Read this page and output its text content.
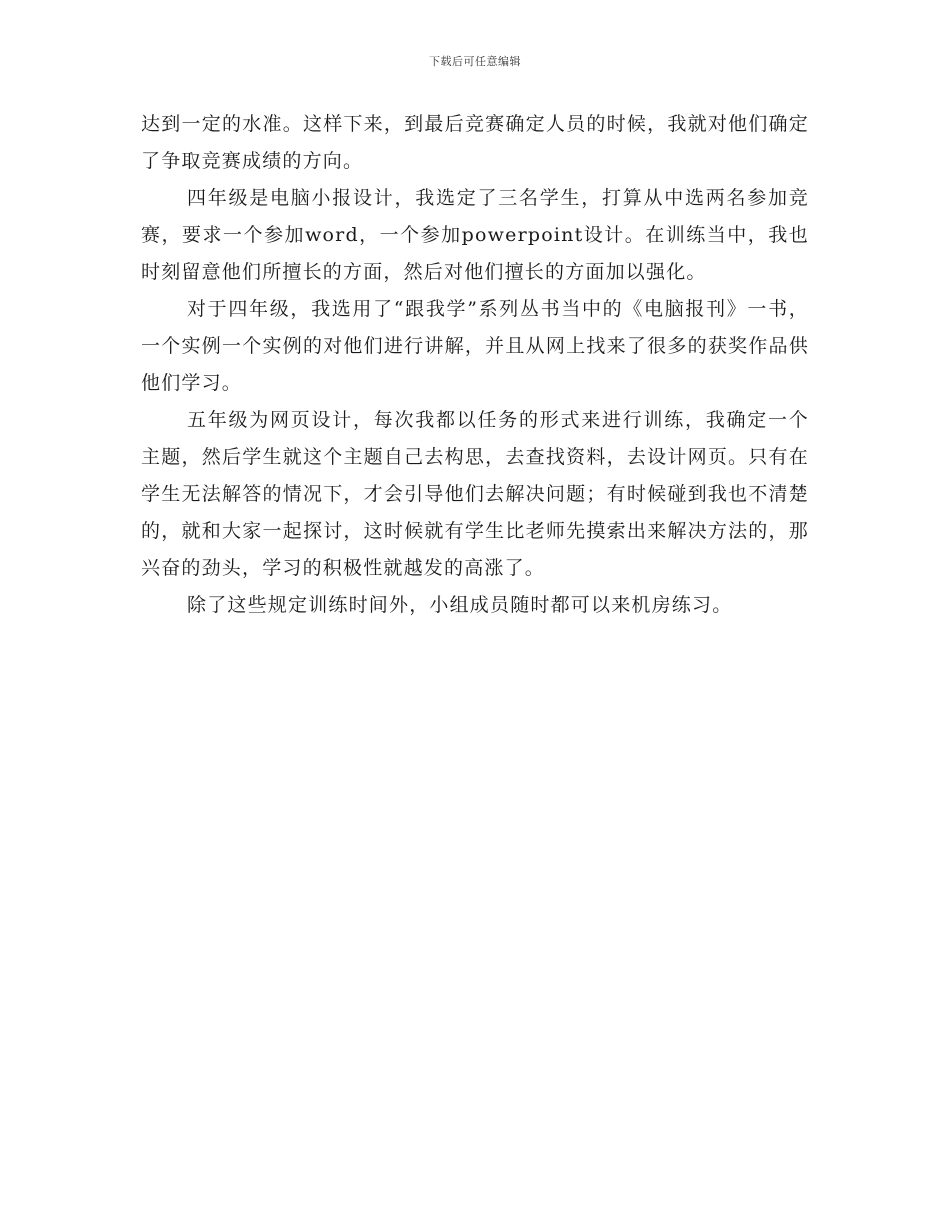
下载后可任意编辑

达到一定的水准。这样下来，到最后竞赛确定人员的时候，我就对他们确定了争取竞赛成绩的方向。

四年级是电脑小报设计，我选定了三名学生，打算从中选两名参加竞赛，要求一个参加word，一个参加powerpoint设计。在训练当中，我也时刻留意他们所擅长的方面，然后对他们擅长的方面加以强化。

对于四年级，我选用了“跟我学”系列丛书当中的《电脑报刊》一书，一个实例一个实例的对他们进行讲解，并且从网上找来了很多的获奖作品供他们学习。

五年级为网页设计，每次我都以任务的形式来进行训练，我确定一个主题，然后学生就这个主题自己去构思，去查找资料，去设计网页。只有在学生无法解答的情况下，才会引导他们去解决问题；有时候碰到我也不清楚的，就和大家一起探讨，这时候就有学生比老师先摸索出来解决方法的，那兴奋的劲头，学习的积极性就越发的高涨了。

除了这些规定训练时间外，小组成员随时都可以来机房练习。
